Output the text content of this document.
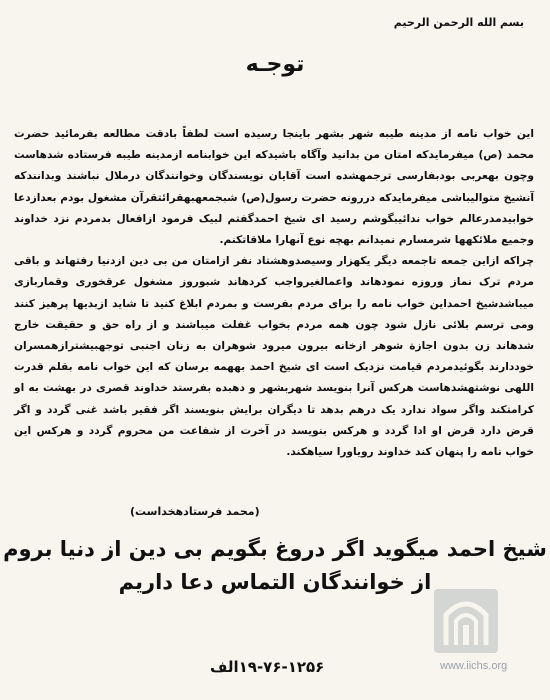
بسم الله الرحمن الرحیم
توجـه

این خواب نامه از مدینه طیبه شهر بشهر باینجا رسیده است لطفاً بادقت مطالعه بفرمائید حضرت محمد (ص) میفرمایدکه امتان من بدانید وآگاه باشیدکه این خوابنامه ازمدینه طیبه فرستاده شدهاست وچون بهعربی بودبفارسی ترجمهشده است آقایان نویسندگان وخوانندگان درملال نباشند وبدانندکه آنشیخ متوالیباشی میفرمایدکه دررونه حضرت رسول(ص) شبجمعهبهقرائتقرآن مشغول بودم بعدازدعا خوابیدمدرعالم خواب ندائیبگوشم رسید ای شیخ احمدگفتم لبیک فرمود ازافعال بدمردم نزد خداوند وجمیع ملائکهها شرمسارم نمیدانم بهچه نوع آنهارا ملاقاتکنم.

چراکه ازاین جمعه تاجمعه دیگر یکهزار وسیصدوهشتاد نفر ازامتان من بی دین ازدنیا رفتهاند و باقی مردم ترک نماز وروزه نمودهاند واعمالغیرواجب کردهاند شبوروز مشغول عرقخوری وقماربازی میباشدشیخ احمداین خواب نامه را برای مردم بفرست و بمردم ابلاغ کنید تا شاید ازبدیها پرهیز کنند ومی ترسم بلائی نازل شود چون همه مردم بخواب غفلت میباشند و از راه حق و حقیقت خارج شدهاند زن بدون اجازة شوهر ازخانه بیرون میرود شوهران به زنان اجنبی توجهبیشترازهمسران خوددارند بگوئیدمردم قیامت نزدیک است ای شیخ احمد بههمه برسان که این خواب نامه بقلم قدرت اللهی نوشتهشدهاست هرکس آنرا بنویسد شهربشهر و دهبده بفرستد خداوند قصری در بهشت به او کرامتکند واگر سواد ندارد یک درهم بدهد تا دیگران برایش بنویسند اگر فقیر باشد غنی گردد و اگر قرض دارد قرض او ادا گردد و هرکس بنویسد در آخرت از شفاعت من محروم گردد و هرکس این خواب نامه را پنهان کند خداوند رویاورا سیاهکند.

(محمد فرستادهخداست)
شیخ احمد میگوید اگر دروغ بگویم بی دین از دنیا بروم
از خوانندگان التماس دعا داریم
www.iichs.org
۱۹-۷۶-۱۲۵۶الف
